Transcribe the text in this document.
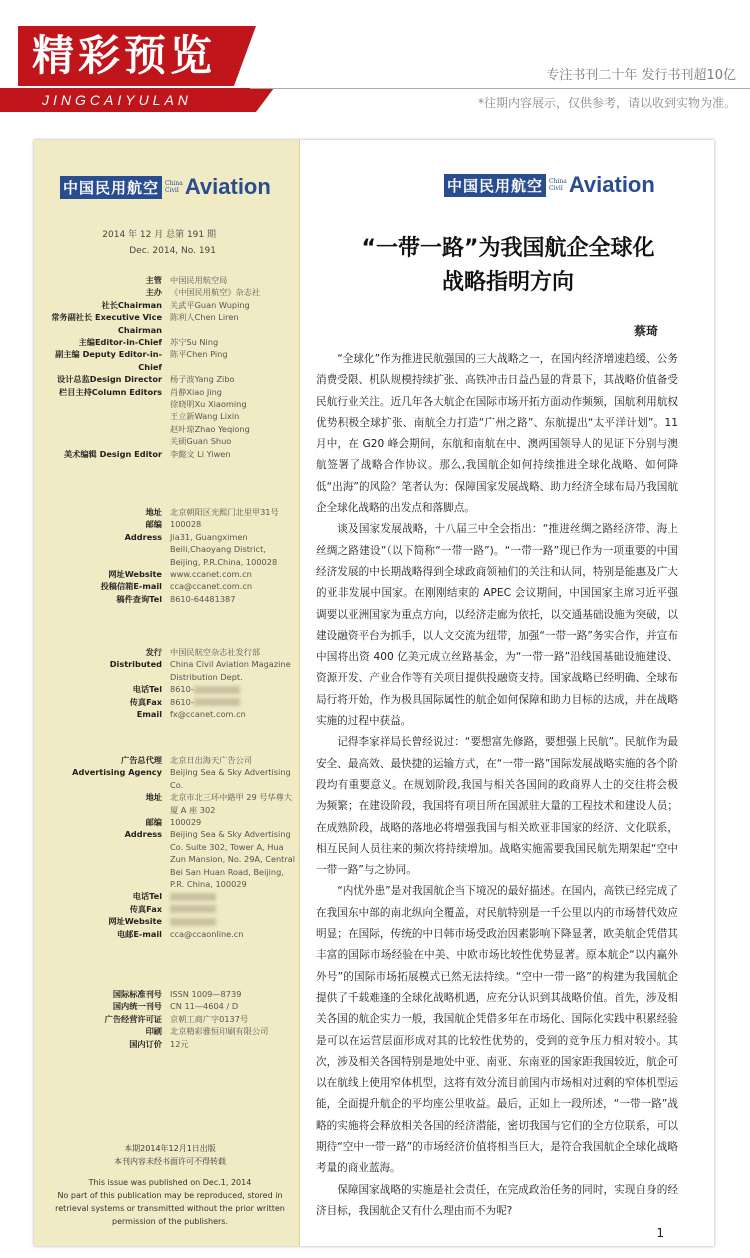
精彩预览
JINGCAIYULAN
专注书刊二十年 发行书刊超10亿
*往期内容展示，仅供参考，请以收到实物为准。
中国民用航空	China
Civil Aviation
2014 年 12 月 总第 191 期
Dec. 2014, No. 191
主管 中国民用航空局
主办 《中国民用航空》杂志社
社长Chairman 关武平Guan Wuping
常务副社长 Executive Vice Chairman
陈利人Chen Liren
主编Editor-in-Chief 苏宁Su Ning
副主编 Deputy Editor-in-Chief
陈平Chen Ping
设计总监Design Director 杨子波Yang Zibo
栏目主持Column Editors 肖静Xiao Jing
徐晓明Xu Xiaoming
王立新Wang Lixin
赵叶琼Zhao Yeqiong
关硕Guan Shuo
美术编辑 Design Editor 李懿文 Li Yiwen
地址 北京朝阳区光熙门北里甲31号
邮编 100028
Address Jia31, Guangximen Beili,Chaoyang District, Beijing, P.R.China, 100028
网址Website www.ccanet.com.cn
投稿信箱E-mail cca@ccanet.com.cn
稿件查询Tel 8610-64481387
发行 中国民航空杂志社发行部
Distributed China Civil Aviation Magazine Distribution Dept.
电话Tel 8610-
传真Fax 8610-
Email fx@ccanet.com.cn
广告总代理 北京日出海天广告公司
Advertising Agency Beijing Sea & Sky Advertising Co.
地址 北京市北三环中路甲 29 号华尊大厦 A 座 302
邮编 100029
Address Beijing Sea & Sky Advertising Co. Suite 302, Tower A, Hua Zun Mansion, No. 29A, Central Bei San Huan Road, Beijing, P.R. China, 100029
电话Tel
传真Fax
网址Website
电邮E-mail cca@ccaonline.cn
国际标准刊号 ISSN 1009—8739
国内统一刊号 CN 11—4604 / D
广告经营许可证 京朝工商广字0137号
印刷 北京精彩雅恒印刷有限公司
国内订价 12元
本期2014年12月1日出版
本刊内容未经书面许可不得转载
This issue was published on Dec.1, 2014
No part of this publication may be reproduced, stored in retrieval systems or transmitted without the prior written permission of the publishers.
中国民用航空	China
Civil Aviation
“一带一路”为我国航企全球化
战略指明方向
蔡琦

“全球化”作为推进民航强国的三大战略之一，在国内经济增速趋缓、公务消费受限、机队规模持续扩张、高铁冲击日益凸显的背景下，其战略价值备受民航行业关注。近几年各大航企在国际市场开拓方面动作频频，国航利用航权优势积极全球扩张、南航全力打造“广州之路”、东航提出“太平洋计划”。11 月中，在 G20 峰会期间，东航和南航在中、澳两国领导人的见证下分别与澳航签署了战略合作协议。那么,我国航企如何持续推进全球化战略、如何降低“出海”的风险？笔者认为：保障国家发展战略、助力经济全球布局乃我国航企全球化战略的出发点和落脚点。

谈及国家发展战略，十八届三中全会指出：“推进丝绸之路经济带、海上丝绸之路建设”（以下简称“一带一路”)。“一带一路”现已作为一项重要的中国经济发展的中长期战略得到全球政商领袖们的关注和认同，特别是能惠及广大的亚非发展中国家。在刚刚结束的 APEC 会议期间，中国国家主席习近平强调要以亚洲国家为重点方向，以经济走廊为依托，以交通基础设施为突破，以建设融资平台为抓手，以人文交流为纽带，加强“一带一路”务实合作，并宣布中国将出资 400 亿美元成立丝路基金，为“一带一路”沿线国基础设施建设、资源开发、产业合作等有关项目提供投融资支持。国家战略已经明确、全球布局行将开始，作为极具国际属性的航企如何保障和助力目标的达成，并在战略实施的过程中获益。

记得李家祥局长曾经说过：“要想富先修路，要想强上民航”。民航作为最安全、最高效、最快捷的运输方式，在“一带一路”国际发展战略实施的各个阶段均有重要意义。在规划阶段,我国与相关各国间的政商界人士的交往将会极为频繁；在建设阶段，我国将有项目所在国派驻大量的工程技术和建设人员；在成熟阶段，战略的落地必将增强我国与相关欧亚非国家的经济、文化联系，相互民间人员往来的频次将持续增加。战略实施需要我国民航先期架起“空中一带一路”与之协同。

“内忧外患”是对我国航企当下境况的最好描述。在国内，高铁已经完成了在我国东中部的南北纵向全覆盖，对民航特别是一千公里以内的市场替代效应明显；在国际，传统的中日韩市场受政治因素影响下降显著，欧美航企凭借其丰富的国际市场经验在中美、中欧市场比较性优势显著。原本航企“以内赢外外号”的国际市场拓展模式已然无法持续。“空中一带一路”的构建为我国航企提供了千载难逢的全球化战略机遇，应充分认识到其战略价值。首先，涉及相关各国的航企实力一般，我国航企凭借多年在市场化、国际化实践中积累经验是可以在运营层面形成对其的比较性优势的，受到的竞争压力相对较小。其次，涉及相关各国特别是地处中亚、南亚、东南亚的国家距我国较近，航企可以在航线上使用窄体机型，这将有效分流目前国内市场相对过剩的窄体机型运能，全面提升航企的平均座公里收益。最后，正如上一段所述，“一带一路”战略的实施将会释放相关各国的经济潜能，密切我国与它们的全方位联系，可以期待“空中一带一路”的市场经济价值将相当巨大，是符合我国航企全球化战略考量的商业蓝海。

保障国家战略的实施是社会责任，在完成政治任务的同时，实现自身的经济目标，我国航企又有什么理由而不为呢?

1
